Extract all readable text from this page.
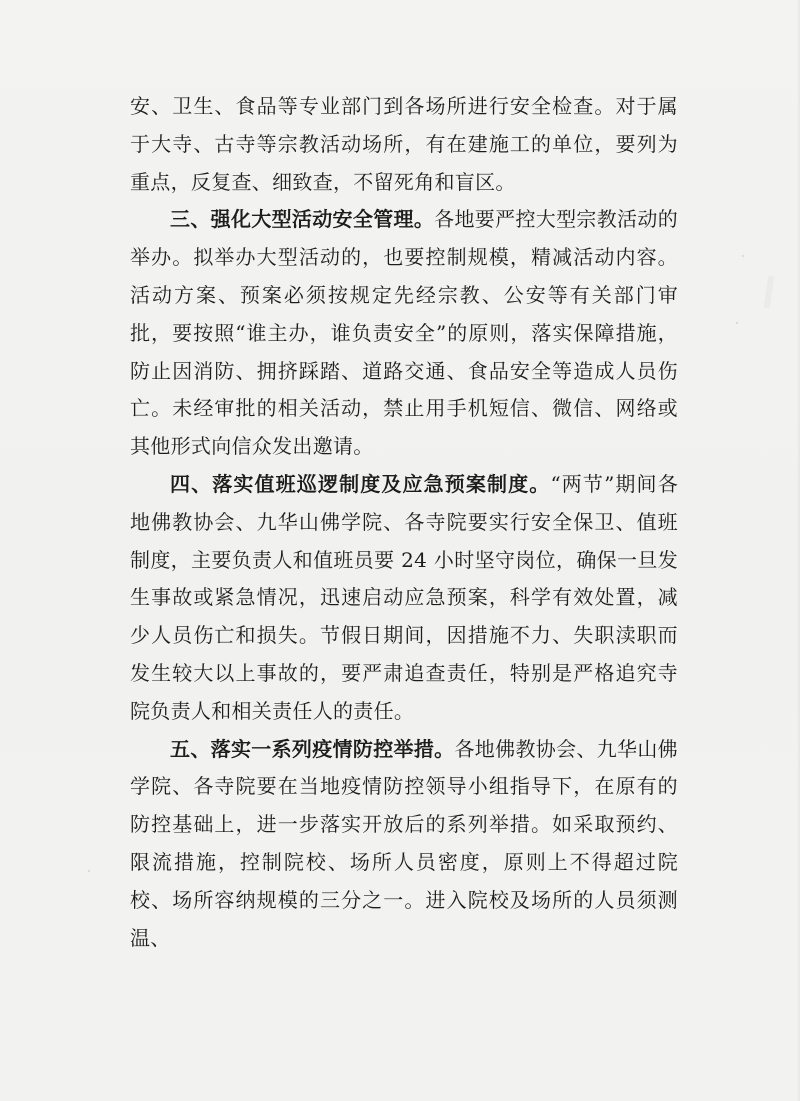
安、卫生、食品等专业部门到各场所进行安全检查。对于属于大寺、古寺等宗教活动场所，有在建施工的单位，要列为重点，反复查、细致查，不留死角和盲区。

三、强化大型活动安全管理。各地要严控大型宗教活动的举办。拟举办大型活动的，也要控制规模，精减活动内容。活动方案、预案必须按规定先经宗教、公安等有关部门审批，要按照“谁主办，谁负责安全”的原则，落实保障措施，防止因消防、拥挤踩踏、道路交通、食品安全等造成人员伤亡。未经审批的相关活动，禁止用手机短信、微信、网络或其他形式向信众发出邀请。

四、落实值班巡逻制度及应急预案制度。“两节”期间各地佛教协会、九华山佛学院、各寺院要实行安全保卫、值班制度，主要负责人和值班员要 24 小时坚守岗位，确保一旦发生事故或紧急情况，迅速启动应急预案，科学有效处置，减少人员伤亡和损失。节假日期间，因措施不力、失职渎职而发生较大以上事故的，要严肃追查责任，特别是严格追究寺院负责人和相关责任人的责任。

五、落实一系列疫情防控举措。各地佛教协会、九华山佛学院、各寺院要在当地疫情防控领导小组指导下，在原有的防控基础上，进一步落实开放后的系列举措。如采取预约、限流措施，控制院校、场所人员密度，原则上不得超过院校、场所容纳规模的三分之一。进入院校及场所的人员须测温、
